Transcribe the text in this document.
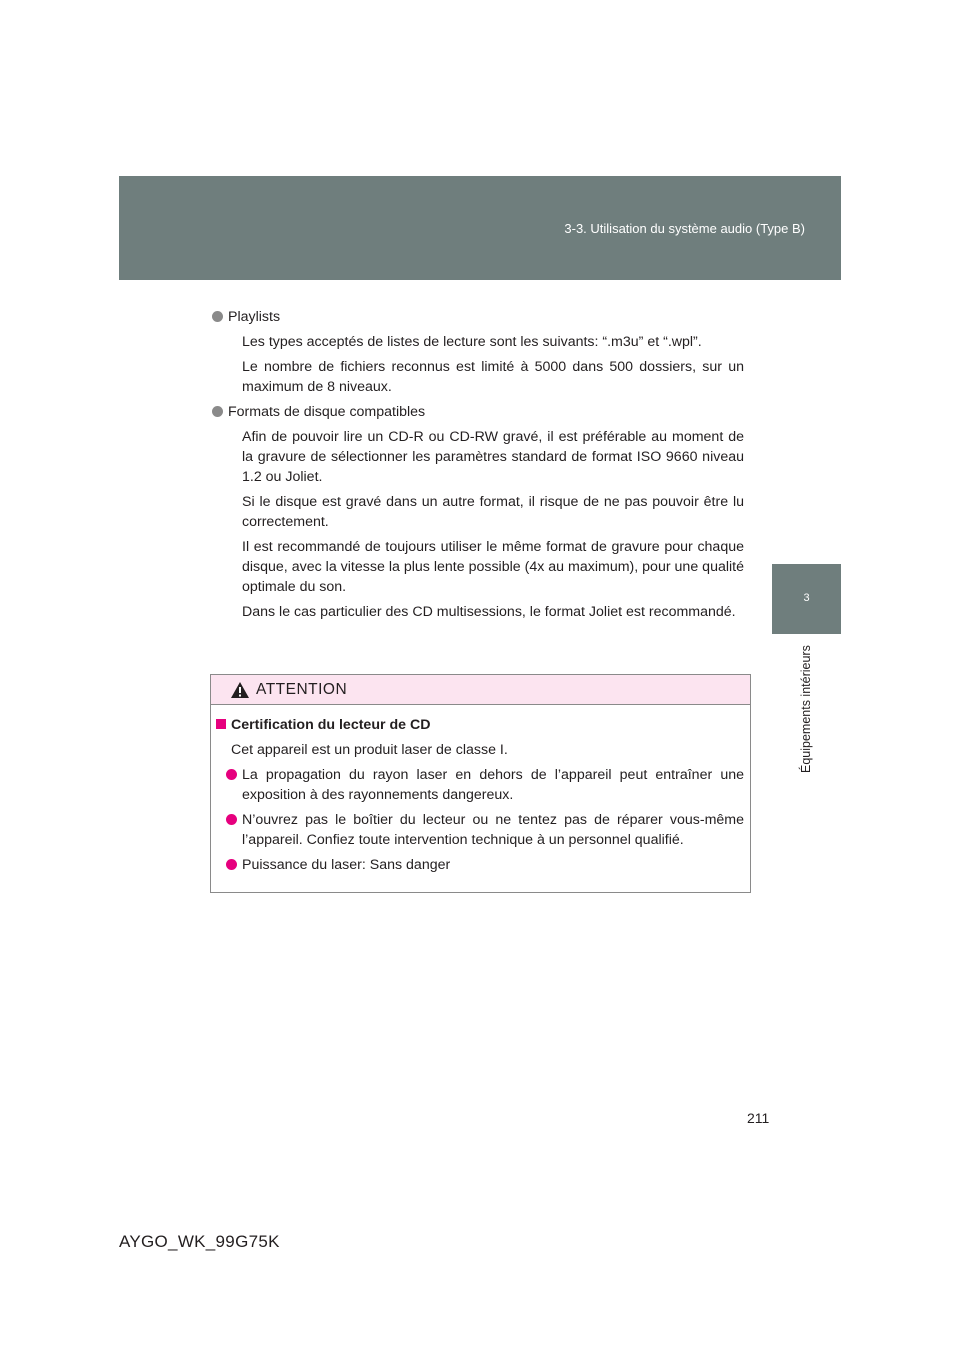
3-3. Utilisation du système audio (Type B)
3
Équipements intérieurs
Playlists

Les types acceptés de listes de lecture sont les suivants: “.m3u” et “.wpl”.

Le nombre de fichiers reconnus est limité à 5000 dans 500 dossiers, sur un maximum de 8 niveaux.

Formats de disque compatibles

Afin de pouvoir lire un CD-R ou CD-RW gravé, il est préférable au moment de la gravure de sélectionner les paramètres standard de format ISO 9660 niveau 1.2 ou Joliet.

Si le disque est gravé dans un autre format, il risque de ne pas pouvoir être lu correctement.

Il est recommandé de toujours utiliser le même format de gravure pour chaque disque, avec la vitesse la plus lente possible (4x au maximum), pour une qualité optimale du son.

Dans le cas particulier des CD multisessions, le format Joliet est recommandé.

ATTENTION
Certification du lecteur de CD
Cet appareil est un produit laser de classe I.
La propagation du rayon laser en dehors de l’appareil peut entraîner une exposition à des rayonnements dangereux.
N’ouvrez pas le boîtier du lecteur ou ne tentez pas de réparer vous-même l’appareil. Confiez toute intervention technique à un personnel qualifié.
Puissance du laser: Sans danger
211
AYGO_WK_99G75K
